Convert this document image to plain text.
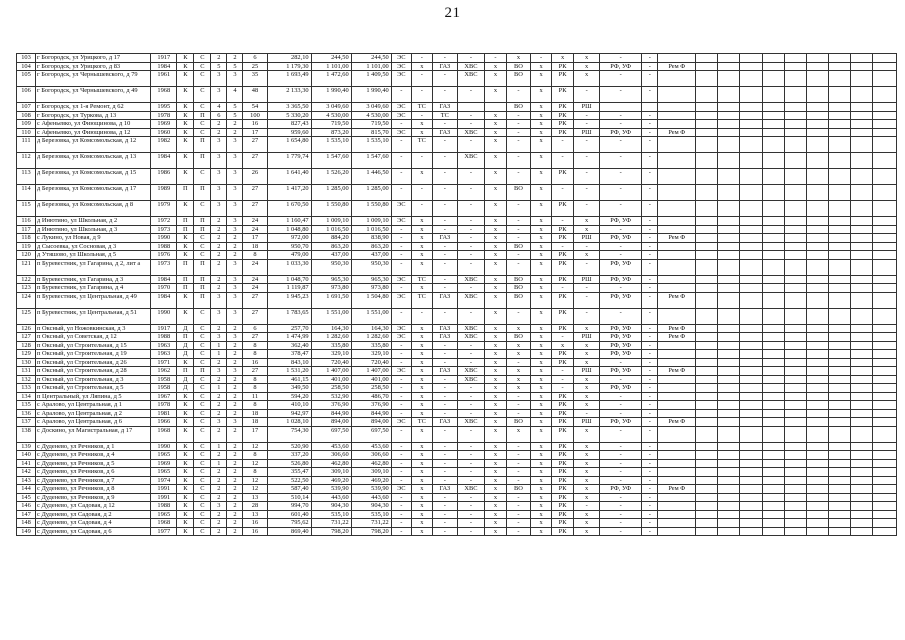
21
103	г Богородск, ул Урицкого, д 17	1917	К	С	2	2	6	282,10	244,50	244,50	ЭС	-	-	-	-	х	-	х	х	-	-										
104	г Богородск, ул Урицкого, д 83	1984	К	С	5	5	25	1 179,30	1 101,00	1 101,00	ЭС	х	ГАЗ	ХВС	х	ВО	х	РК	х	РФ, УФ	-	Рем Ф									
105	г Богородск, ул Чернышевского, д 79	1961	К	С	3	3	35	1 693,49	1 472,60	1 409,50	ЭС	-	-	ХВС	х	ВО	х	РК	х	-	-										
106	г Богородск, ул Чернышевского, д 49	1968	К	С	3	4	48	2 133,30	1 990,40	1 990,40	-	-	-	-	х	-	х	РК	-	-	-										
107	г Богородск, ул 1-я Ремонт, д 62	1995	К	С	4	5	54	3 365,50	3 049,60	3 049,60	ЭС	ТС	ГАЗ			ВО	х	РК	РШ												
108	г Богородск, ул Туркова, д 13	1978	К	П	6	5	100	5 330,20	4 530,00	4 530,00	ЭС	-	ТС	-	х	-	х	РК	-	-	-										
109	с Афеньевко, ул Фиющинова, д 10	1969	К	С	2	2	16	827,43	719,50	719,50	-	х	-	-	х	-	х	РК	-	-	-										
110	с Афеньевко, ул Фиющинова, д 12	1960	К	С	2	2	17	959,60	873,20	815,70	ЭС	х	ГАЗ	ХВС	х	-	х	РК	РШ	РФ, УФ	-	Рем Ф									
111	д Березовка, ул Комсомольская, д 12	1982	К	П	3	3	27	1 654,80	1 535,10	1 535,10	-	ТС	-	-	х	-	х	-	-	-	-										
112	д Березовка, ул Комсомольская, д 13	1984	К	П	3	3	27	1 779,74	1 547,60	1 547,60	-	-	-	ХВС	х	-	х	-	-	-	-										
113	д Березовка, ул Комсомольская, д 15	1986	К	С	3	3	26	1 641,40	1 526,20	1 446,50	-	х	-	-	х	-	х	РК	-	-	-										
114	д Березовка, ул Комсомольская, д 17	1989	П	П	3	3	27	1 417,20	1 285,00	1 285,00	-	-	-	-	х	ВО	х	-	-	-	-										
115	д Березовка, ул Комсомольская, д 8	1979	К	С	3	3	27	1 670,50	1 550,80	1 550,80	ЭС	-	-	-	х	-	х	РК	-	-	-										
116	д Инютино, ул Школьная, д 2	1972	П	П	2	3	24	1 160,47	1 009,10	1 009,10	ЭС	х	-	-	х	-	х	-	х	РФ, УФ	-										
117	д Инютино, ул Школьная, д 3	1973	П	П	2	3	24	1 048,80	1 016,50	1 016,50	-	х	-	-	х	-	х	РК	х	-	-										
118	с Лукино, ул Новая, д 9	1990	К	С	2	2	17	972,00	884,20	838,90	-	х	ГАЗ	-	х	-	х	РК	РШ	РФ, УФ	-	Рем Ф									
119	д Сысоевка, ул Сосновая, д 3	1988	К	С	2	2	18	950,70	863,20	863,20	-	х	-	-	х	ВО	х	-	-	-	-										
120	д Утяшово, ул Школьная, д 5	1976	К	С	2	2	8	479,00	437,00	437,00	-	х	-	-	х	-	х	РК	х	-	-										
121	п Буревестник, ул Гагарина, д 2, лит а	1973	П	П	2	3	24	1 033,30	950,30	950,30	-	х	-	-	х	-	х	РК	-	РФ, УФ	-										
122	п Буревестник, ул Гагарина, д 3	1984	П	П	2	3	24	1 048,70	965,30	965,30	ЭС	ТС	-	ХВС	х	ВО	х	РК	РШ	РФ, УФ	-										
123	п Буревестник, ул Гагарина, д 4	1970	П	П	2	3	24	1 119,87	973,80	973,80	-	х	-	-	х	ВО	х	-	-	-	-										
124	п Буревестник, ул Центральная, д 49	1984	К	П	3	3	27	1 945,23	1 691,50	1 504,80	ЭС	ТС	ГАЗ	ХВС	х	ВО	х	РК	-	РФ, УФ	-	Рем Ф									
125	п Буревестник, ул Центральная, д 51	1990	К	С	3	3	27	1 783,65	1 551,00	1 551,00	-	-	-	-	х	-	х	РК	-	-	-										
126	п Оксный, ул Ножовкинская, д 3	1917	Д	С	2	2	6	257,70	164,30	164,30	ЭС	х	ГАЗ	ХВС	х	х	х	РК	х	РФ, УФ	-	Рем Ф									
127	п Оксный, ул Советская, д 12	1988	П	С	3	3	27	1 474,99	1 282,60	1 282,60	ЭС	х	ГАЗ	ХВС	х	ВО	х	-	РШ	РФ, УФ	-	Рем Ф									
128	п Оксный, ул Строительная, д 15	1963	Д	С	1	2	8	362,40	335,80	335,80	-	х	-	-	х	х	х	х	х	РФ, УФ	-										
129	п Оксный, ул Строительная, д 19	1963	Д	С	1	2	8	378,47	329,10	329,10	-	х	-	-	х	х	х	РК	х	РФ, УФ	-										
130	п Оксный, ул Строительная, д 26	1971	К	С	2	2	16	843,10	720,40	720,40	-	х	-	-	х	-	х	РК	х	-	-										
131	п Оксный, ул Строительная, д 28	1962	П	П	3	3	27	1 531,20	1 407,00	1 407,00	ЭС	х	ГАЗ	ХВС	х	х	х	-	РШ	РФ, УФ	-	Рем Ф									
132	п Оксный, ул Строительная, д 3	1958	Д	С	2	2	8	461,15	401,00	401,00	-	х	-	ХВС	х	х	х	-	х	-	-										
133	п Оксный, ул Строительная, д 5	1958	Д	С	1	2	8	349,50	258,50	258,50	-	х	-	-	х	х	х	-	х	РФ, УФ	-										
134	п Центральный, ул Ляпина, д 5	1967	К	С	2	2	11	594,20	532,90	486,70	-	х	-	-	х	-	х	РК	х	-	-										
135	с Аралово, ул Центральная, д 1	1978	К	С	2	2	8	410,10	376,90	376,90	-	х	-	-	х	-	х	РК	х	-	-										
136	с Аралово, ул Центральная, д 2	1981	К	С	2	2	18	942,97	844,90	844,90	-	х	-	-	х	-	х	РК	-	-	-										
137	с Аралово, ул Центральная, д 6	1966	К	С	3	3	18	1 028,10	894,00	894,00	ЭС	ТС	ГАЗ	ХВС	х	ВО	х	РК	РШ	РФ, УФ	-	Рем Ф									
138	с Доскино, ул Магистральная, д 17	1968	К	С	2	2	17	754,30	697,50	697,50	-	х	-	-	х	х	х	РК	х	-	-										
139	с Дуденево, ул Речников, д 1	1990	К	С	1	2	12	520,90	453,60	453,60	-	х	-	-	х	-	х	РК	х	-	-										
140	с Дуденево, ул Речников, д 4	1965	К	С	2	2	8	337,20	306,60	306,60	-	х	-	-	х	-	х	РК	х	-	-										
141	с Дуденево, ул Речников, д 5	1969	К	С	1	2	12	526,80	462,80	462,80	-	х	-	-	х	-	х	РК	х	-	-										
142	с Дуденево, ул Речников, д 6	1965	К	С	2	2	8	355,47	309,10	309,10	-	х	-	-	х	-	х	РК	х	-	-										
143	с Дуденево, ул Речников, д 7	1974	К	С	2	2	12	522,50	469,20	469,20	-	х	-	-	х	-	х	РК	х	-	-										
144	с Дуденево, ул Речников, д 8	1991	К	С	2	2	12	587,40	539,90	539,90	ЭС	х	ГАЗ	ХВС	х	ВО	х	РК	х	РФ, УФ	-	Рем Ф									
145	с Дуденево, ул Речников, д 9	1991	К	С	2	2	13	510,14	443,60	443,60	-	х	-	-	х	-	х	РК	х	-	-										
146	с Дуденево, ул Садовая, д 12	1988	К	С	3	2	28	994,70	904,30	904,30	-	х	-	-	х	-	х	РК	-	-	-										
147	с Дуденево, ул Садовая, д 2	1965	К	С	2	2	13	601,40	535,10	535,10	-	х	-	-	х	-	х	РК	х	-	-										
148	с Дуденево, ул Садовая, д 4	1968	К	С	2	2	16	795,62	731,22	731,22	-	х	-	-	х	-	х	РК	х	-	-										
149	с Дуденево, ул Садовая, д 6	1977	К	С	2	2	16	869,40	798,20	798,20	-	х	-	-	х	-	х	РК	х	-	-										
